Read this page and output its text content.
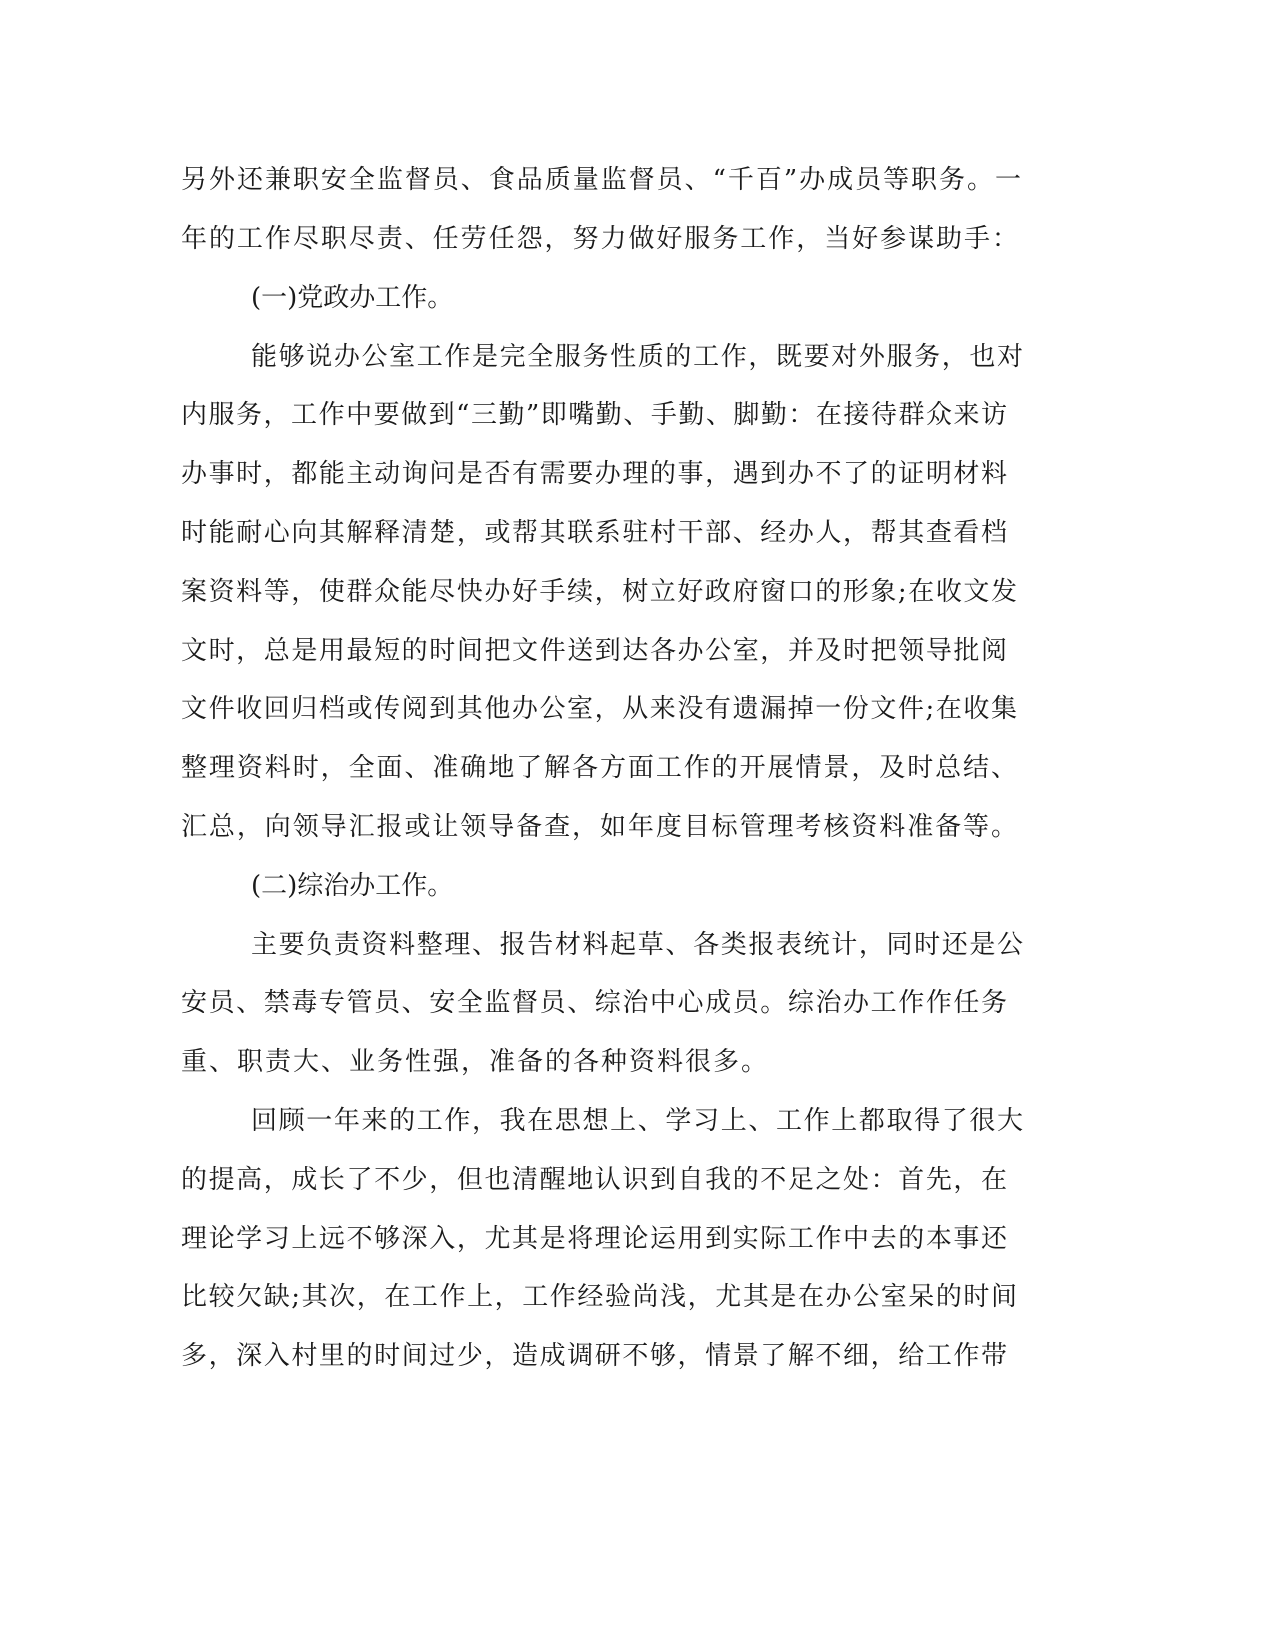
另外还兼职安全监督员、食品质量监督员、“千百”办成员等职务。一
年的工作尽职尽责、任劳任怨，努力做好服务工作，当好参谋助手：
(一)党政办工作。
能够说办公室工作是完全服务性质的工作，既要对外服务，也对
内服务，工作中要做到“三勤”即嘴勤、手勤、脚勤：在接待群众来访
办事时，都能主动询问是否有需要办理的事，遇到办不了的证明材料
时能耐心向其解释清楚，或帮其联系驻村干部、经办人，帮其查看档
案资料等，使群众能尽快办好手续，树立好政府窗口的形象;在收文发
文时，总是用最短的时间把文件送到达各办公室，并及时把领导批阅
文件收回归档或传阅到其他办公室，从来没有遗漏掉一份文件;在收集
整理资料时，全面、准确地了解各方面工作的开展情景，及时总结、
汇总，向领导汇报或让领导备查，如年度目标管理考核资料准备等。
(二)综治办工作。
主要负责资料整理、报告材料起草、各类报表统计，同时还是公
安员、禁毒专管员、安全监督员、综治中心成员。综治办工作作任务
重、职责大、业务性强，准备的各种资料很多。
回顾一年来的工作，我在思想上、学习上、工作上都取得了很大
的提高，成长了不少，但也清醒地认识到自我的不足之处：首先，在
理论学习上远不够深入，尤其是将理论运用到实际工作中去的本事还
比较欠缺;其次，在工作上，工作经验尚浅，尤其是在办公室呆的时间
多，深入村里的时间过少，造成调研不够，情景了解不细，给工作带
